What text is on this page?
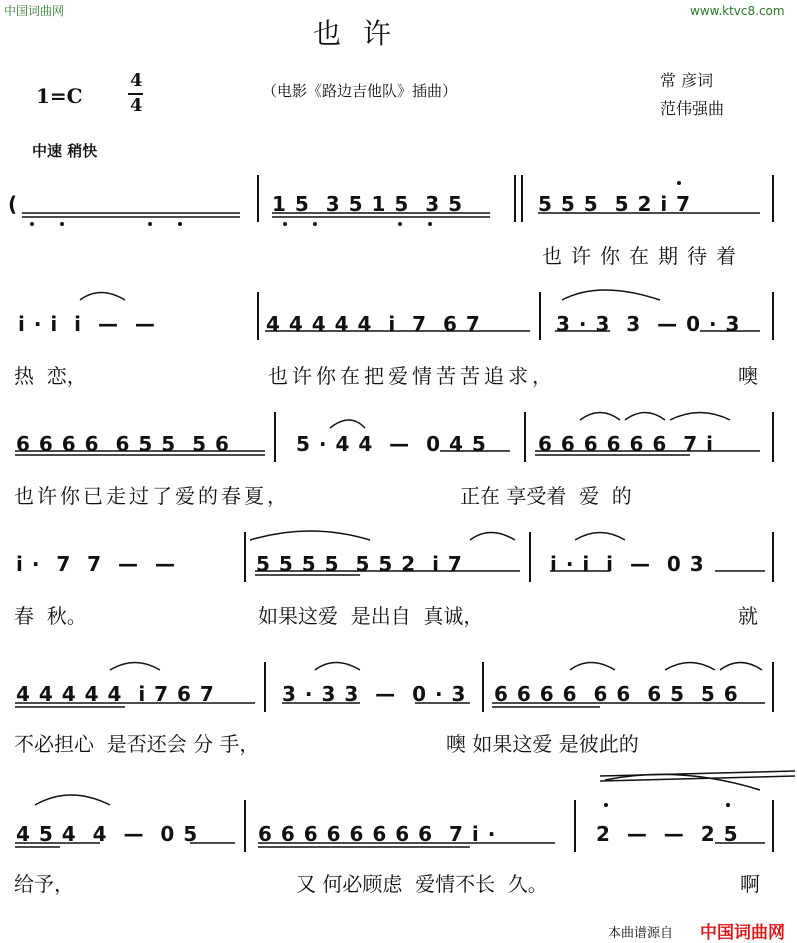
中国词曲网	www.ktvc8.com
也许
1=C
4
4
（电影《路边吉他队》插曲）
常 彦词
范伟强曲
中速 稍快
(	1 5  3 5 1 5  3 5	5 5 5  5 2 i 7
也许你在期待着
i · i  i  —  —	4 4 4 4 4  i  7  6 7	3 · 3  3  — 0 · 3
热  恋，	也许你在把爱情苦苦追求，	噢
6 6 6 6  6 5 5  5 6	5 · 4 4  —  0 4 5	6 6 6 6 6 6  7 i
也许你已走过了爱的春夏，	正在 享受着  爱  的
i ·  7  7  —  —	5 5 5 5  5 5 2  i 7	i · i  i  —  0 3
春  秋。	如果这爱  是出自  真诚，	就
4 4 4 4 4  i 7 6 7	3 · 3 3  —  0 · 3 6 6 6 6  6 6  6 5  5 6
不必担心  是否还会 分 手，	噢 如果这爱 是彼此的
4 5 4  4  —  0 5	6 6 6 6 6 6 6 6  7 i ·	2  —  —  2 5
给予，	又 何必顾虑  爱情不长  久。	啊
本曲谱源自 中国词曲网
